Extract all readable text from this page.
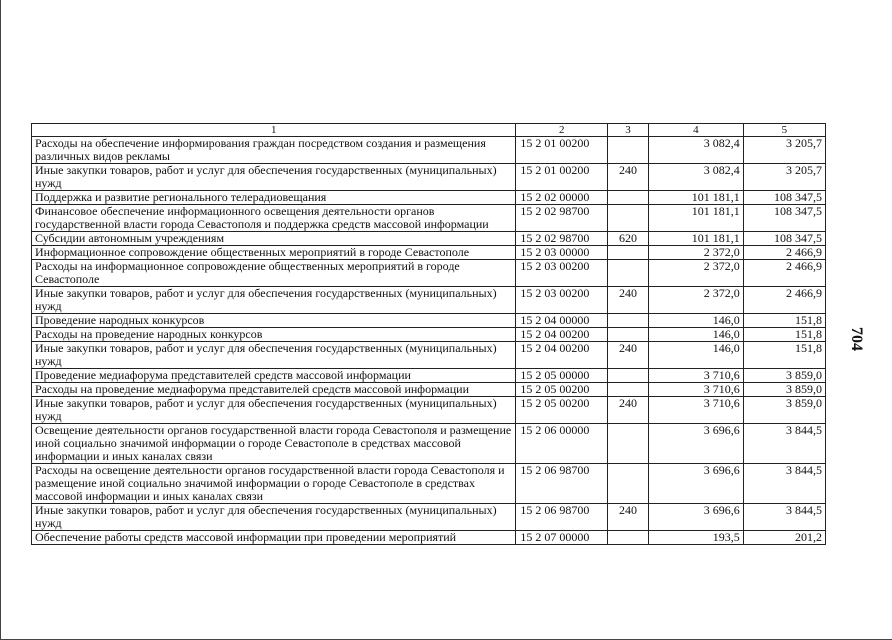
1	2	3	4	5
Расходы на обеспечение информирования граждан посредством создания и размещения различных видов рекламы	15 2 01 00200		3 082,4	3 205,7
Иные закупки товаров, работ и услуг для обеспечения государственных (муниципальных) нужд	15 2 01 00200	240	3 082,4	3 205,7
Поддержка и развитие регионального телерадиовещания	15 2 02 00000		101 181,1	108 347,5
Финансовое обеспечение информационного освещения деятельности органов государственной власти города Севастополя и поддержка средств массовой информации	15 2 02 98700		101 181,1	108 347,5
Субсидии автономным учреждениям	15 2 02 98700	620	101 181,1	108 347,5
Информационное сопровождение общественных мероприятий в городе Севастополе	15 2 03 00000		2 372,0	2 466,9
Расходы на информационное сопровождение общественных мероприятий в городе Севастополе	15 2 03 00200		2 372,0	2 466,9
Иные закупки товаров, работ и услуг для обеспечения государственных (муниципальных) нужд	15 2 03 00200	240	2 372,0	2 466,9
Проведение народных конкурсов	15 2 04 00000		146,0	151,8
Расходы на проведение народных конкурсов	15 2 04 00200		146,0	151,8
Иные закупки товаров, работ и услуг для обеспечения государственных (муниципальных) нужд	15 2 04 00200	240	146,0	151,8
Проведение медиафорума представителей средств массовой информации	15 2 05 00000		3 710,6	3 859,0
Расходы на проведение медиафорума представителей средств массовой информации	15 2 05 00200		3 710,6	3 859,0
Иные закупки товаров, работ и услуг для обеспечения государственных (муниципальных) нужд	15 2 05 00200	240	3 710,6	3 859,0
Освещение деятельности органов государственной власти города Севастополя и размещение иной социально значимой информации о городе Севастополе в средствах массовой информации и иных каналах связи	15 2 06 00000		3 696,6	3 844,5
Расходы на освещение деятельности органов государственной власти города Севастополя и размещение иной социально значимой информации о городе Севастополе в средствах массовой информации и иных каналах связи	15 2 06 98700		3 696,6	3 844,5
Иные закупки товаров, работ и услуг для обеспечения государственных (муниципальных) нужд	15 2 06 98700	240	3 696,6	3 844,5
Обеспечение работы средств массовой информации при проведении мероприятий	15 2 07 00000		193,5	201,2
704
